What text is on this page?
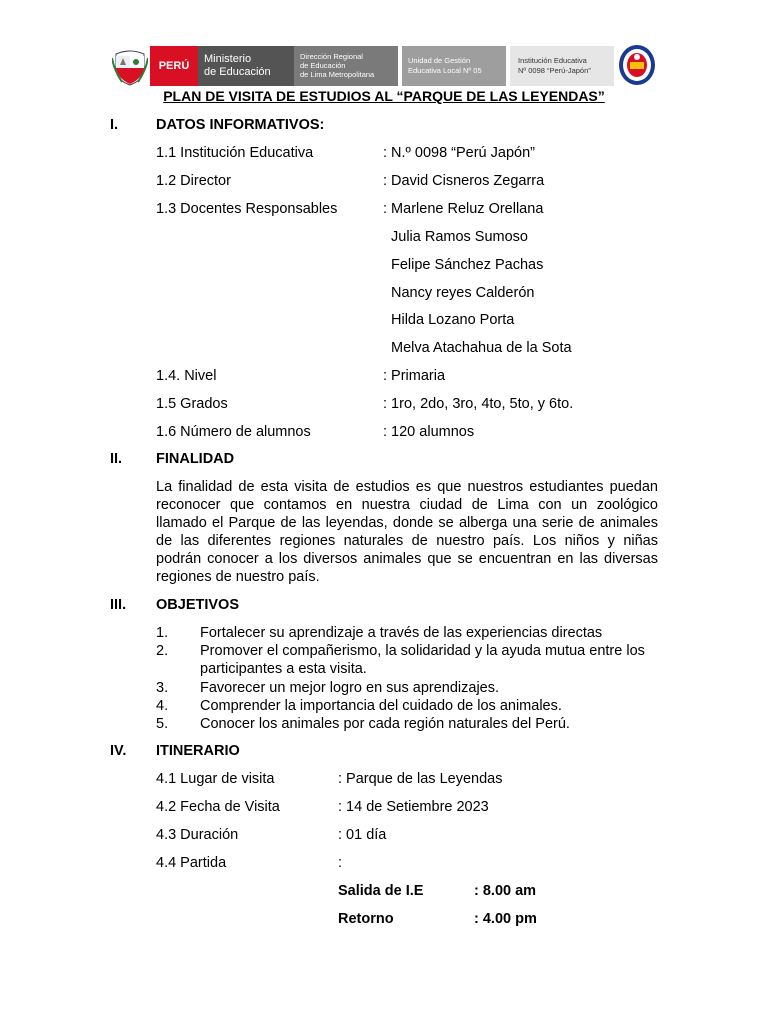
PERÚ
Ministerio
de Educación
Dirección Regional
de Educación
de Lima Metropolitana
Unidad de Gestión
Educativa Local Nº 05
Institución Educativa
Nº 0098 “Perú-Japón”
PLAN DE VISITA DE ESTUDIOS AL “PARQUE DE LAS LEYENDAS”
I.	DATOS INFORMATIVOS:
1.1 Institución Educativa	: N.º 0098 “Perú Japón”
1.2 Director	: David Cisneros Zegarra
1.3 Docentes Responsables	: Marlene Reluz Orellana
Julia Ramos Sumoso
Felipe Sánchez Pachas
Nancy reyes Calderón
Hilda Lozano Porta
Melva Atachahua de la Sota
1.4. Nivel	: Primaria
1.5 Grados	: 1ro, 2do, 3ro, 4to, 5to, y 6to.
1.6 Número de alumnos	: 120 alumnos
II. FINALIDAD
La finalidad de esta visita de estudios es que nuestros estudiantes puedan reconocer que contamos en nuestra ciudad de Lima con un zoológico llamado el Parque de las leyendas, donde se alberga una serie de animales de las diferentes regiones naturales de nuestro país. Los niños y niñas podrán conocer a los diversos animales que se encuentran en las diversas regiones de nuestro país.
III. OBJETIVOS
1. Fortalecer su aprendizaje a través de las experiencias directas
2. Promover el compañerismo, la solidaridad y la ayuda mutua entre los participantes a esta visita.
3. Favorecer un mejor logro en sus aprendizajes.
4. Comprender la importancia del cuidado de los animales.
5. Conocer los animales por cada región naturales del Perú.
IV. ITINERARIO
4.1 Lugar de visita	: Parque de las Leyendas
4.2 Fecha de Visita	: 14 de Setiembre 2023
4.3 Duración	: 01 día
4.4 Partida	:
Salida de I.E	: 8.00 am
Retorno	: 4.00 pm
